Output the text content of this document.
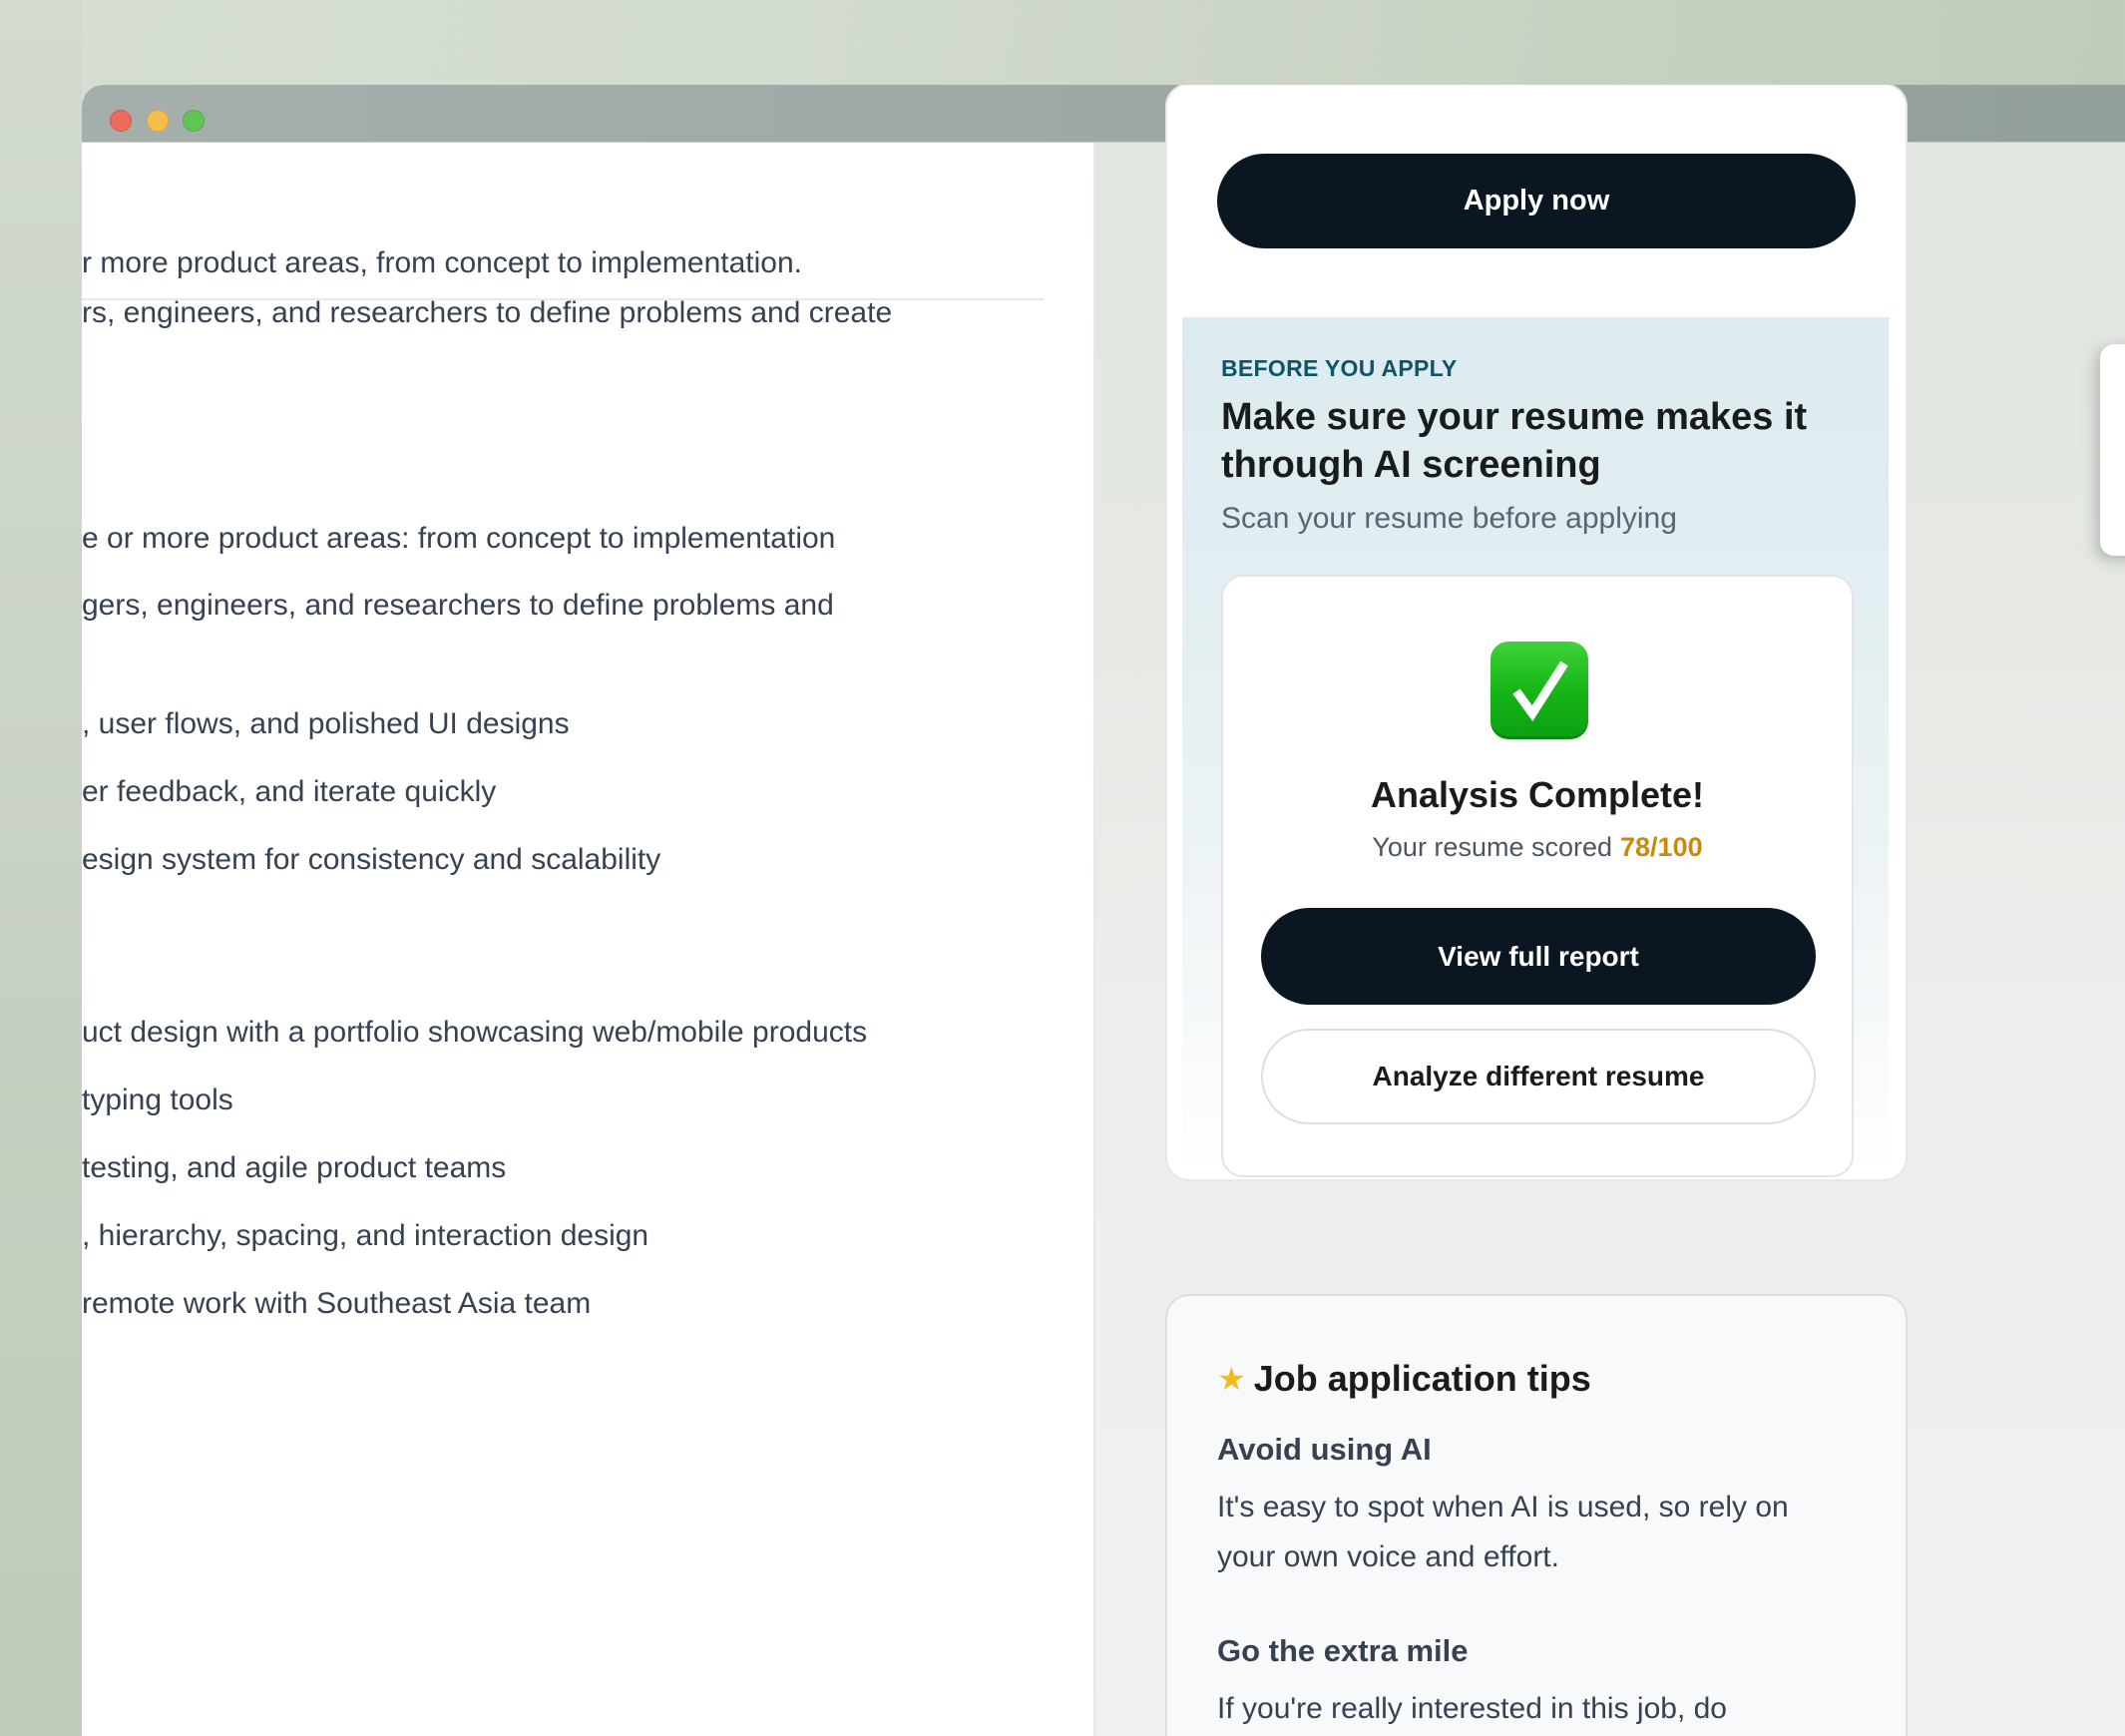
r more product areas, from concept to implementation.
rs, engineers, and researchers to define problems and create
e or more product areas: from concept to implementation
gers, engineers, and researchers to define problems and
, user flows, and polished UI designs
er feedback, and iterate quickly
esign system for consistency and scalability
uct design with a portfolio showcasing web/mobile products
typing tools
testing, and agile product teams
, hierarchy, spacing, and interaction design
remote work with Southeast Asia team
Apply now
BEFORE YOU APPLY
Make sure your resume makes it through AI screening
Scan your resume before applying
Analysis Complete!
Your resume scored 78/100
View full report
Analyze different resume
★ Job application tips
Avoid using AI
It's easy to spot when AI is used, so rely on your own voice and effort.
Go the extra mile
If you're really interested in this job, do
